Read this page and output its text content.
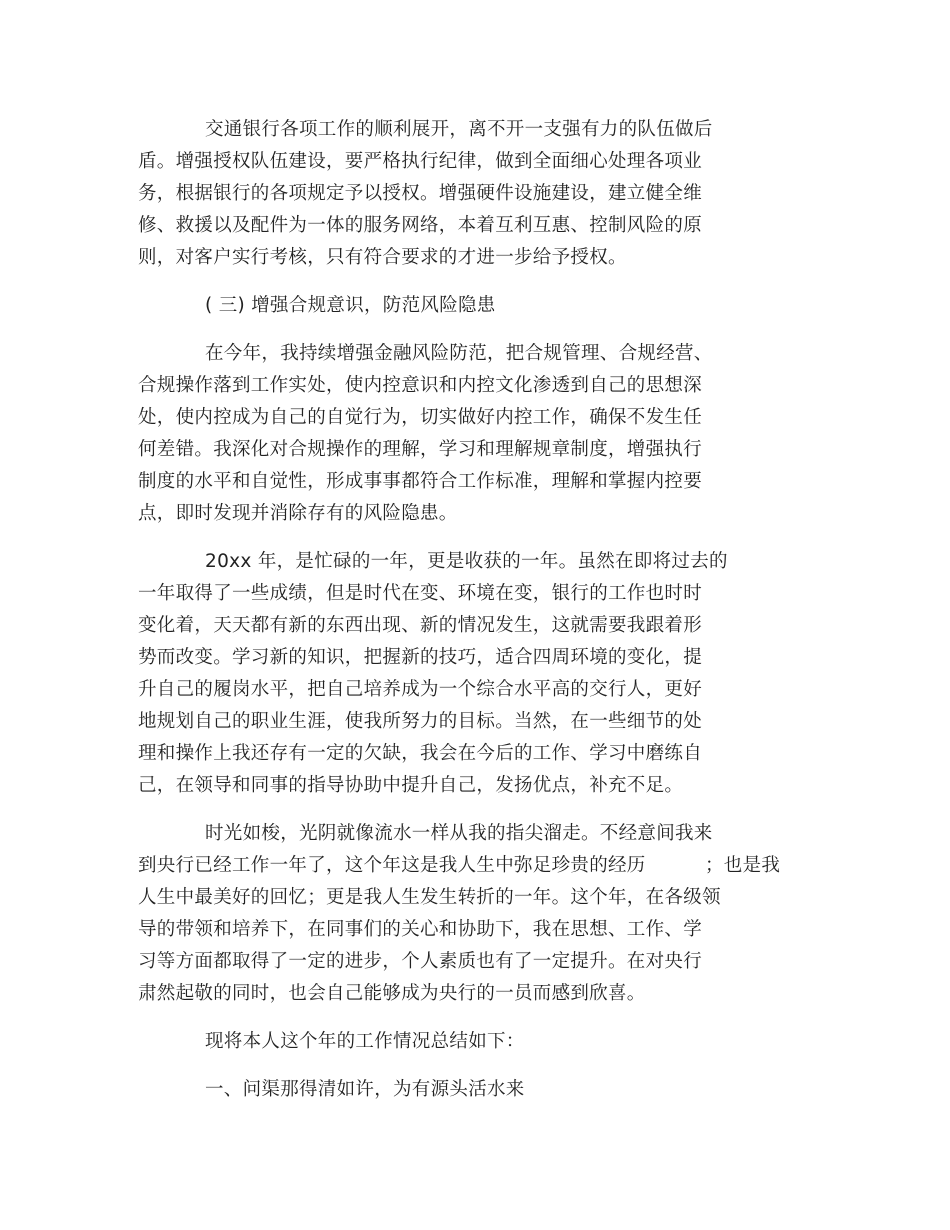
交通银行各项工作的顺利展开，离不开一支强有力的队伍做后
盾。增强授权队伍建设，要严格执行纪律，做到全面细心处理各项业
务，根据银行的各项规定予以授权。增强硬件设施建设，建立健全维
修、救援以及配件为一体的服务网络，本着互利互惠、控制风险的原
则，对客户实行考核，只有符合要求的才进一步给予授权。
( 三) 增强合规意识，防范风险隐患
在今年，我持续增强金融风险防范，把合规管理、合规经营、
合规操作落到工作实处，使内控意识和内控文化渗透到自己的思想深
处，使内控成为自己的自觉行为，切实做好内控工作，确保不发生任
何差错。我深化对合规操作的理解，学习和理解规章制度，增强执行
制度的水平和自觉性，形成事事都符合工作标准，理解和掌握内控要
点，即时发现并消除存有的风险隐患。
20xx 年，是忙碌的一年，更是收获的一年。虽然在即将过去的
一年取得了一些成绩，但是时代在变、环境在变，银行的工作也时时
变化着，天天都有新的东西出现、新的情况发生，这就需要我跟着形
势而改变。学习新的知识，把握新的技巧，适合四周环境的变化，提
升自己的履岗水平，把自己培养成为一个综合水平高的交行人，更好
地规划自己的职业生涯，使我所努力的目标。当然，在一些细节的处
理和操作上我还存有一定的欠缺，我会在今后的工作、学习中磨练自
己，在领导和同事的指导协助中提升自己，发扬优点，补充不足。
时光如梭，光阴就像流水一样从我的指尖溜走。不经意间我来
到央行已经工作一年了，这个年这是我人生中弥足珍贵的经历	；也是我
人生中最美好的回忆；更是我人生发生转折的一年。这个年，在各级领
导的带领和培养下，在同事们的关心和协助下，我在思想、工作、学
习等方面都取得了一定的进步，个人素质也有了一定提升。在对央行
肃然起敬的同时，也会自己能够成为央行的一员而感到欣喜。
现将本人这个年的工作情况总结如下：
一、问渠那得清如许，为有源头活水来
